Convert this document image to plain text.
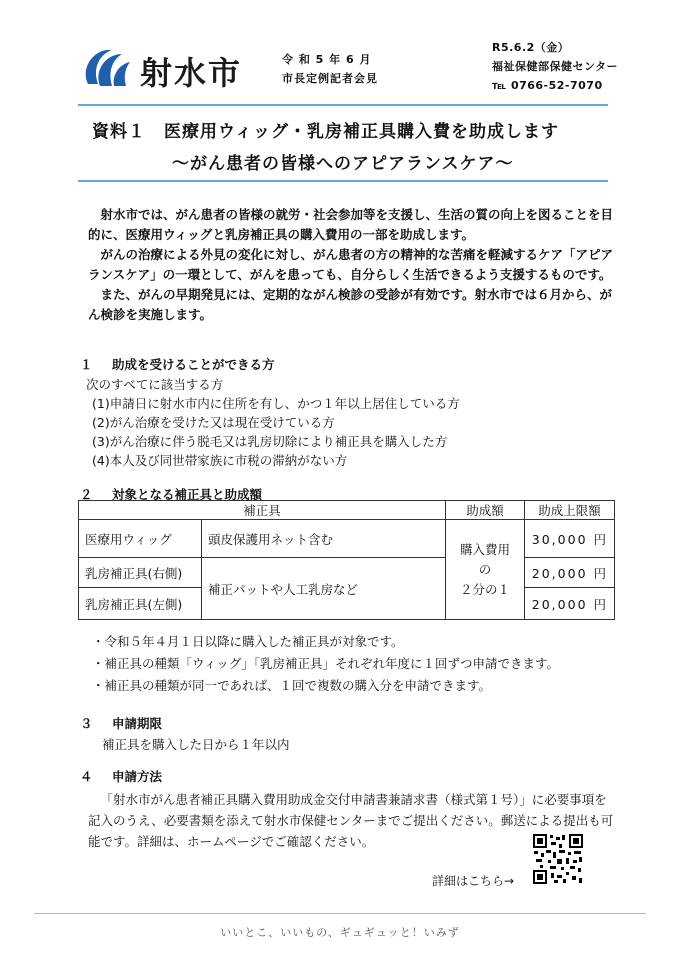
射水市	令 和 5 年 6 月
市長定例記者会見
R5.6.2（金）
福祉保健部保健センター
℡ 0766-52-7070
資料１　医療用ウィッグ・乳房補正具購入費を助成します
～がん患者の皆様へのアピアランスケア～

射水市では、がん患者の皆様の就労・社会参加等を支援し、生活の質の向上を図ることを目的に、医療用ウィッグと乳房補正具の購入費用の一部を助成します。

がんの治療による外見の変化に対し、がん患者の方の精神的な苦痛を軽減するケア「アピアランスケア」の一環として、がんを患っても、自分らしく生活できるよう支援するものです。

また、がんの早期発見には、定期的ながん検診の受診が有効です。射水市では６月から、がん検診を実施します。

１ 助成を受けることができる方
次のすべてに該当する方
(1)申請日に射水市内に住所を有し、かつ１年以上居住している方
(2)がん治療を受けた又は現在受けている方
(3)がん治療に伴う脱毛又は乳房切除により補正具を購入した方
(4)本人及び同世帯家族に市税の滞納がない方
２ 対象となる補正具と助成額
補正具		助成額	助成上限額
医療用ウィッグ	頭皮保護用ネット含む	購入費用
の
２分の１	30,000 円
乳房補正具(右側)	補正パットや人工乳房など		20,000 円
乳房補正具(左側)			20,000 円
・令和５年４月１日以降に購入した補正具が対象です。
・補正具の種類「ウィッグ」「乳房補正具」それぞれ年度に１回ずつ申請できます。
・補正具の種類が同一であれば、１回で複数の購入分を申請できます。
３ 申請期限
補正具を購入した日から１年以内
４ 申請方法

「射水市がん患者補正具購入費用助成金交付申請書兼請求書（様式第１号）」に必要事項を記入のうえ、必要書類を添えて射水市保健センターまでご提出ください。郵送による提出も可能です。詳細は、ホームページでご確認ください。

詳細はこちら→
いいとこ、いいもの、ギュギュッと！いみず
